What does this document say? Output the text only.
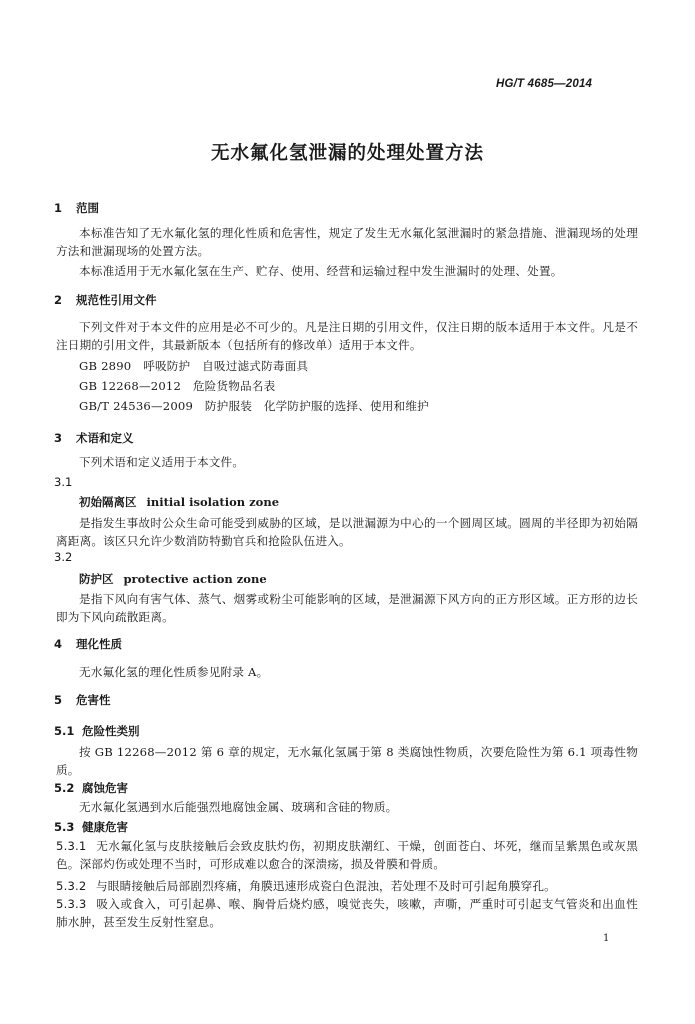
HG/T 4685—2014
无水氟化氢泄漏的处理处置方法
1 范围
本标准告知了无水氟化氢的理化性质和危害性，规定了发生无水氟化氢泄漏时的紧急措施、泄漏现场的处理方法和泄漏现场的处置方法。
本标准适用于无水氟化氢在生产、贮存、使用、经营和运输过程中发生泄漏时的处理、处置。
2 规范性引用文件
下列文件对于本文件的应用是必不可少的。凡是注日期的引用文件，仅注日期的版本适用于本文件。凡是不注日期的引用文件，其最新版本（包括所有的修改单）适用于本文件。
GB 2890　呼吸防护　自吸过滤式防毒面具
GB 12268—2012　危险货物品名表
GB/T 24536—2009　防护服装　化学防护服的选择、使用和维护
3 术语和定义
下列术语和定义适用于本文件。
3.1
初始隔离区 initial isolation zone
是指发生事故时公众生命可能受到威胁的区域，是以泄漏源为中心的一个圆周区域。圆周的半径即为初始隔离距离。该区只允许少数消防特勤官兵和抢险队伍进入。
3.2
防护区 protective action zone
是指下风向有害气体、蒸气、烟雾或粉尘可能影响的区域，是泄漏源下风方向的正方形区域。正方形的边长即为下风向疏散距离。
4 理化性质
无水氟化氢的理化性质参见附录 A。
5 危害性
5.1 危险性类别
按 GB 12268—2012 第 6 章的规定，无水氟化氢属于第 8 类腐蚀性物质，次要危险性为第 6.1 项毒性物质。
5.2 腐蚀危害
无水氟化氢遇到水后能强烈地腐蚀金属、玻璃和含硅的物质。
5.3 健康危害
5.3.1 无水氟化氢与皮肤接触后会致皮肤灼伤，初期皮肤潮红、干燥，创面苍白、坏死，继而呈紫黑色或灰黑色。深部灼伤或处理不当时，可形成难以愈合的深溃疡，损及骨膜和骨质。
5.3.2 与眼睛接触后局部剧烈疼痛，角膜迅速形成瓷白色混浊，若处理不及时可引起角膜穿孔。
5.3.3 吸入或食入，可引起鼻、喉、胸骨后烧灼感，嗅觉丧失，咳嗽，声嘶，严重时可引起支气管炎和出血性肺水肿，甚至发生反射性窒息。
1
